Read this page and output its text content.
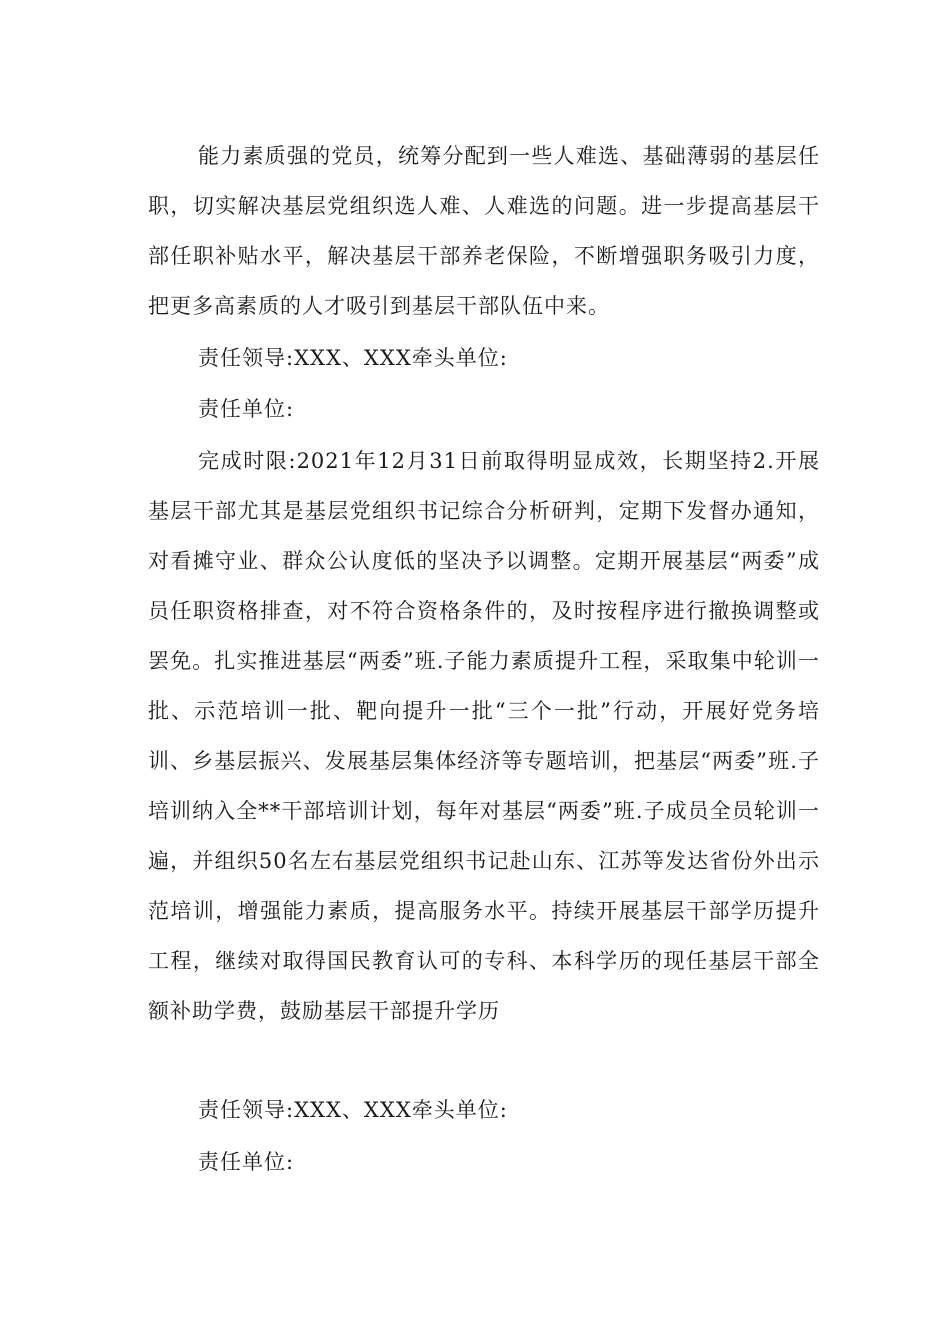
能力素质强的党员，统筹分配到一些人难选、基础薄弱的基层任职，切实解决基层党组织选人难、人难选的问题。进一步提高基层干部任职补贴水平，解决基层干部养老保险，不断增强职务吸引力度，把更多高素质的人才吸引到基层干部队伍中来。

责任领导:XXX、XXX牵头单位:

责任单位:

完成时限:2021年12月31日前取得明显成效，长期坚持2.开展基层干部尤其是基层党组织书记综合分析研判，定期下发督办通知，对看摊守业、群众公认度低的坚决予以调整。定期开展基层“两委”成员任职资格排查，对不符合资格条件的，及时按程序进行撤换调整或罢免。扎实推进基层“两委”班.子能力素质提升工程，采取集中轮训一批、示范培训一批、靶向提升一批“三个一批”行动，开展好党务培训、乡基层振兴、发展基层集体经济等专题培训，把基层“两委”班.子培训纳入全**干部培训计划，每年对基层“两委”班.子成员全员轮训一遍，并组织50名左右基层党组织书记赴山东、江苏等发达省份外出示范培训，增强能力素质，提高服务水平。持续开展基层干部学历提升工程，继续对取得国民教育认可的专科、本科学历的现任基层干部全额补助学费，鼓励基层干部提升学历

责任领导:XXX、XXX牵头单位:

责任单位:
